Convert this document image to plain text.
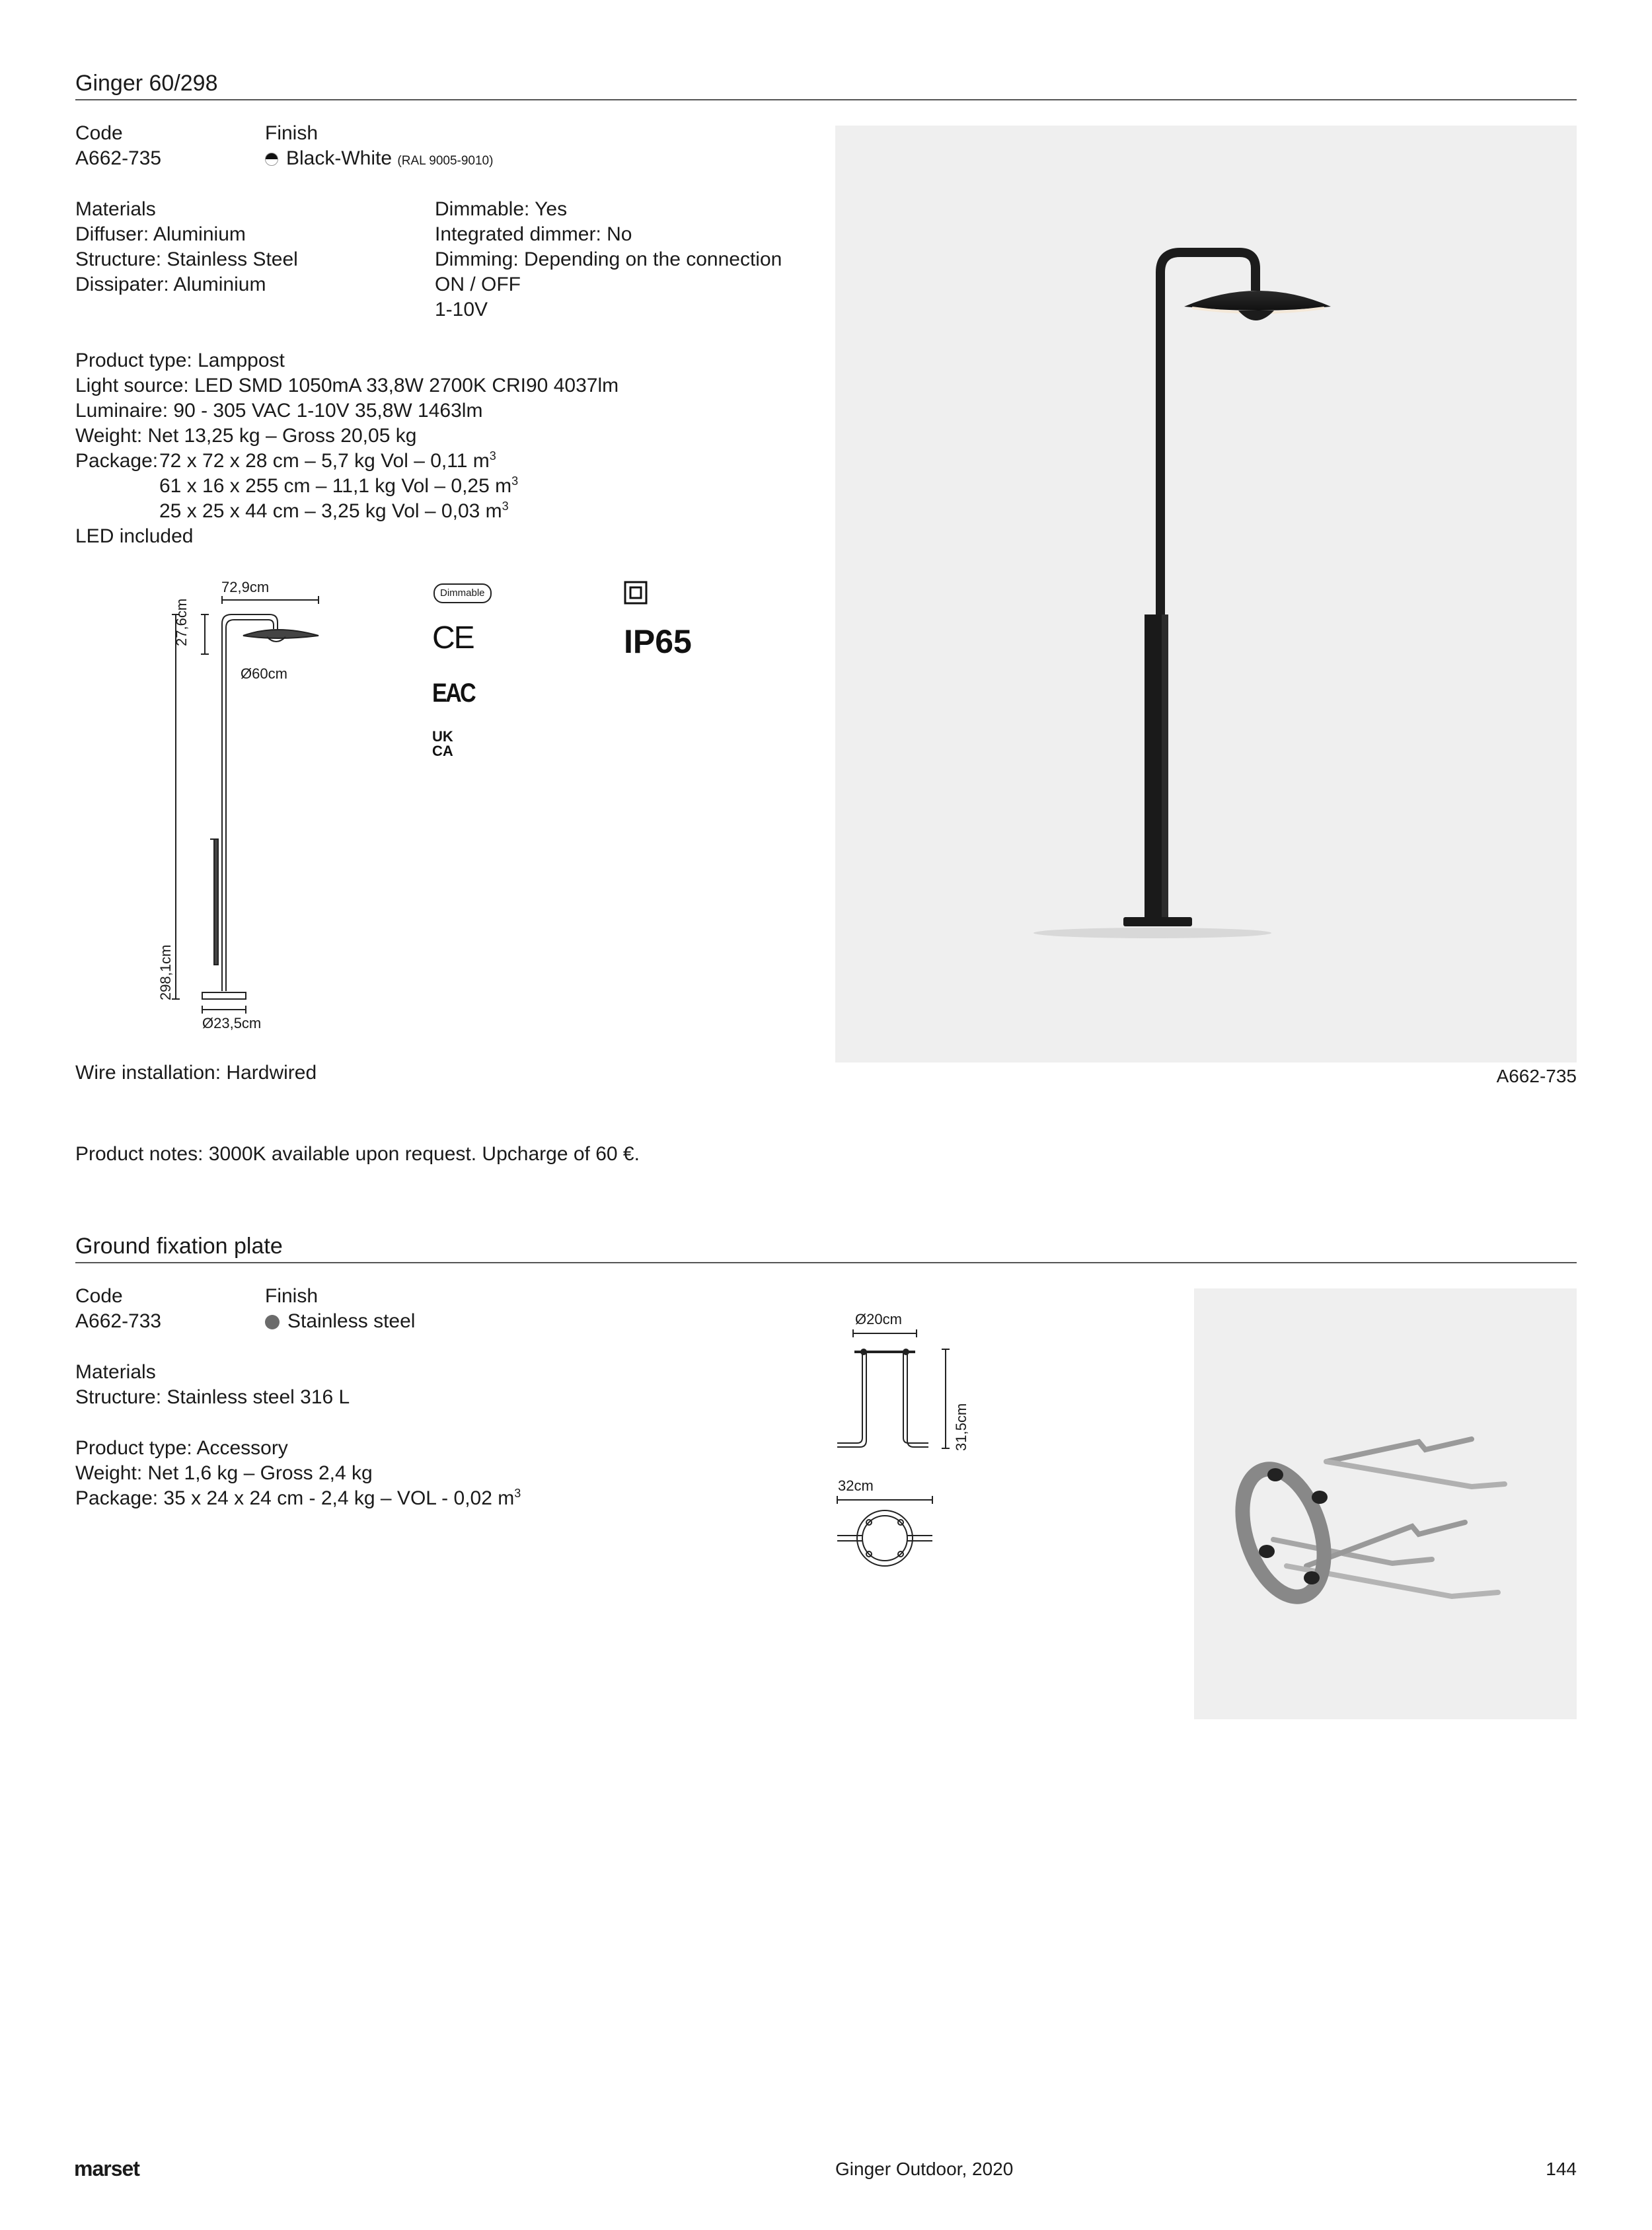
Ginger 60/298
Code
A662-735
Finish
Black-White (RAL 9005-9010)
Materials
Diffuser: Aluminium
Structure: Stainless Steel
Dissipater: Aluminium
Dimmable: Yes
Integrated dimmer: No
Dimming: Depending on the connection
ON / OFF
1-10V
Product type: Lamppost
Light source: LED SMD 1050mA 33,8W 2700K CRI90 4037lm
Luminaire: 90 - 305 VAC 1-10V 35,8W 1463lm
Weight: Net 13,25 kg – Gross 20,05 kg
Package: 72 x 72 x 28 cm – 5,7 kg Vol – 0,11 $m^3$
61 x 16 x 255 cm – 11,1 kg Vol – 0,25 $m^3$
25 x 25 x 44 cm – 3,25 kg Vol – 0,03 $m^3$
LED included
72,9cm
27,6cm
Ø60cm
298,1cm
Ø23,5cm
Dimmable
CE	IP65
EAC
UK
CA
Wire installation: Hardwired	A662-735
Product notes: 3000K available upon request. Upcharge of 60 €.
Ground fixation plate
Code
A662-733
Finish
Stainless steel
Materials
Structure: Stainless steel 316 L
Product type: Accessory
Weight: Net 1,6 kg – Gross 2,4 kg
Package: 35 x 24 x 24 cm - 2,4 kg – VOL - 0,02 $m^3$
Ø20cm
31,5cm
32cm
marset	Ginger Outdoor, 2020	144
